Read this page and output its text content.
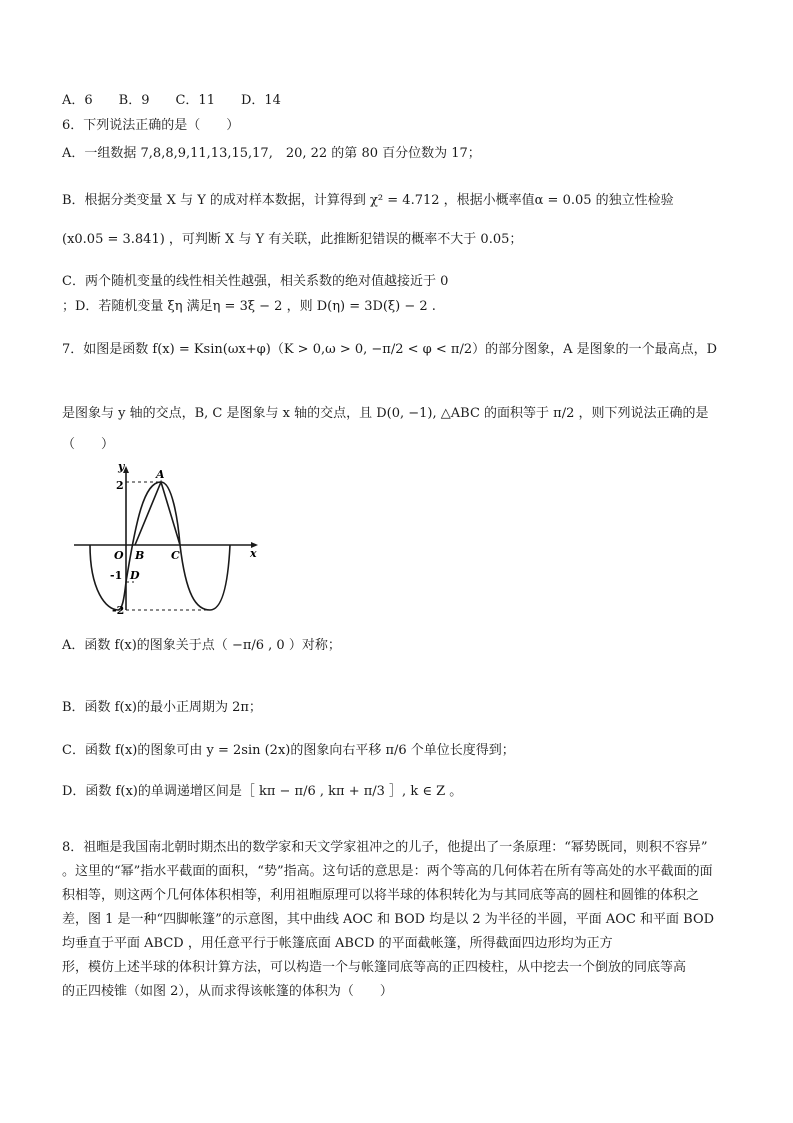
A．6　　B．9　　C．11　　D．14
6．下列说法正确的是（　　）
A．一组数据 7,8,8,9,11,13,15,17,　20, 22 的第 80 百分位数为 17；
B．根据分类变量 X 与 Y 的成对样本数据，计算得到 χ² = 4.712 ，根据小概率值α = 0.05 的独立性检验
(x0.05 = 3.841) ，可判断 X 与 Y 有关联，此推断犯错误的概率不大于 0.05；
C．两个随机变量的线性相关性越强，相关系数的绝对值越接近于 0
；D．若随机变量 ξη 满足η = 3ξ − 2 ，则 D(η) = 3D(ξ) − 2 .
7．如图是函数 f(x) = Ksin(ωx+φ)（K > 0,ω > 0, −π/2 < φ < π/2）的部分图象，A 是图象的一个最高点，D
是图象与 y 轴的交点，B, C 是图象与 x 轴的交点，且 D(0, −1), △ABC 的面积等于 π/2 ，则下列说法正确的是
（　　）
y
x
2
-1
-2
O
A
B C
D
A．函数 f(x)的图象关于点（ −π/6 , 0 ）对称；
B．函数 f(x)的最小正周期为 2π；
C．函数 f(x)的图象可由 y = 2sin (2x)的图象向右平移 π/6 个单位长度得到；
D．函数 f(x)的单调递增区间是［ kπ − π/6 , kπ + π/3 ］, k ∈ Z 。

8．祖暅是我国南北朝时期杰出的数学家和天文学家祖冲之的儿子，他提出了一条原理：“幂势既同，则积不容异”

。这里的“幂”指水平截面的面积，“势”指高。这句话的意思是：两个等高的几何体若在所有等高处的水平截面的面

积相等，则这两个几何体体积相等，利用祖暅原理可以将半球的体积转化为与其同底等高的圆柱和圆锥的体积之

差，图 1 是一种“四脚帐篷”的示意图，其中曲线 AOC 和 BOD 均是以 2 为半径的半圆，平面 AOC 和平面 BOD

均垂直于平面 ABCD ，用任意平行于帐篷底面 ABCD 的平面截帐篷，所得截面四边形均为正方

形，模仿上述半球的体积计算方法，可以构造一个与帐篷同底等高的正四棱柱，从中挖去一个倒放的同底等高

的正四棱锥（如图 2），从而求得该帐篷的体积为（　　）
